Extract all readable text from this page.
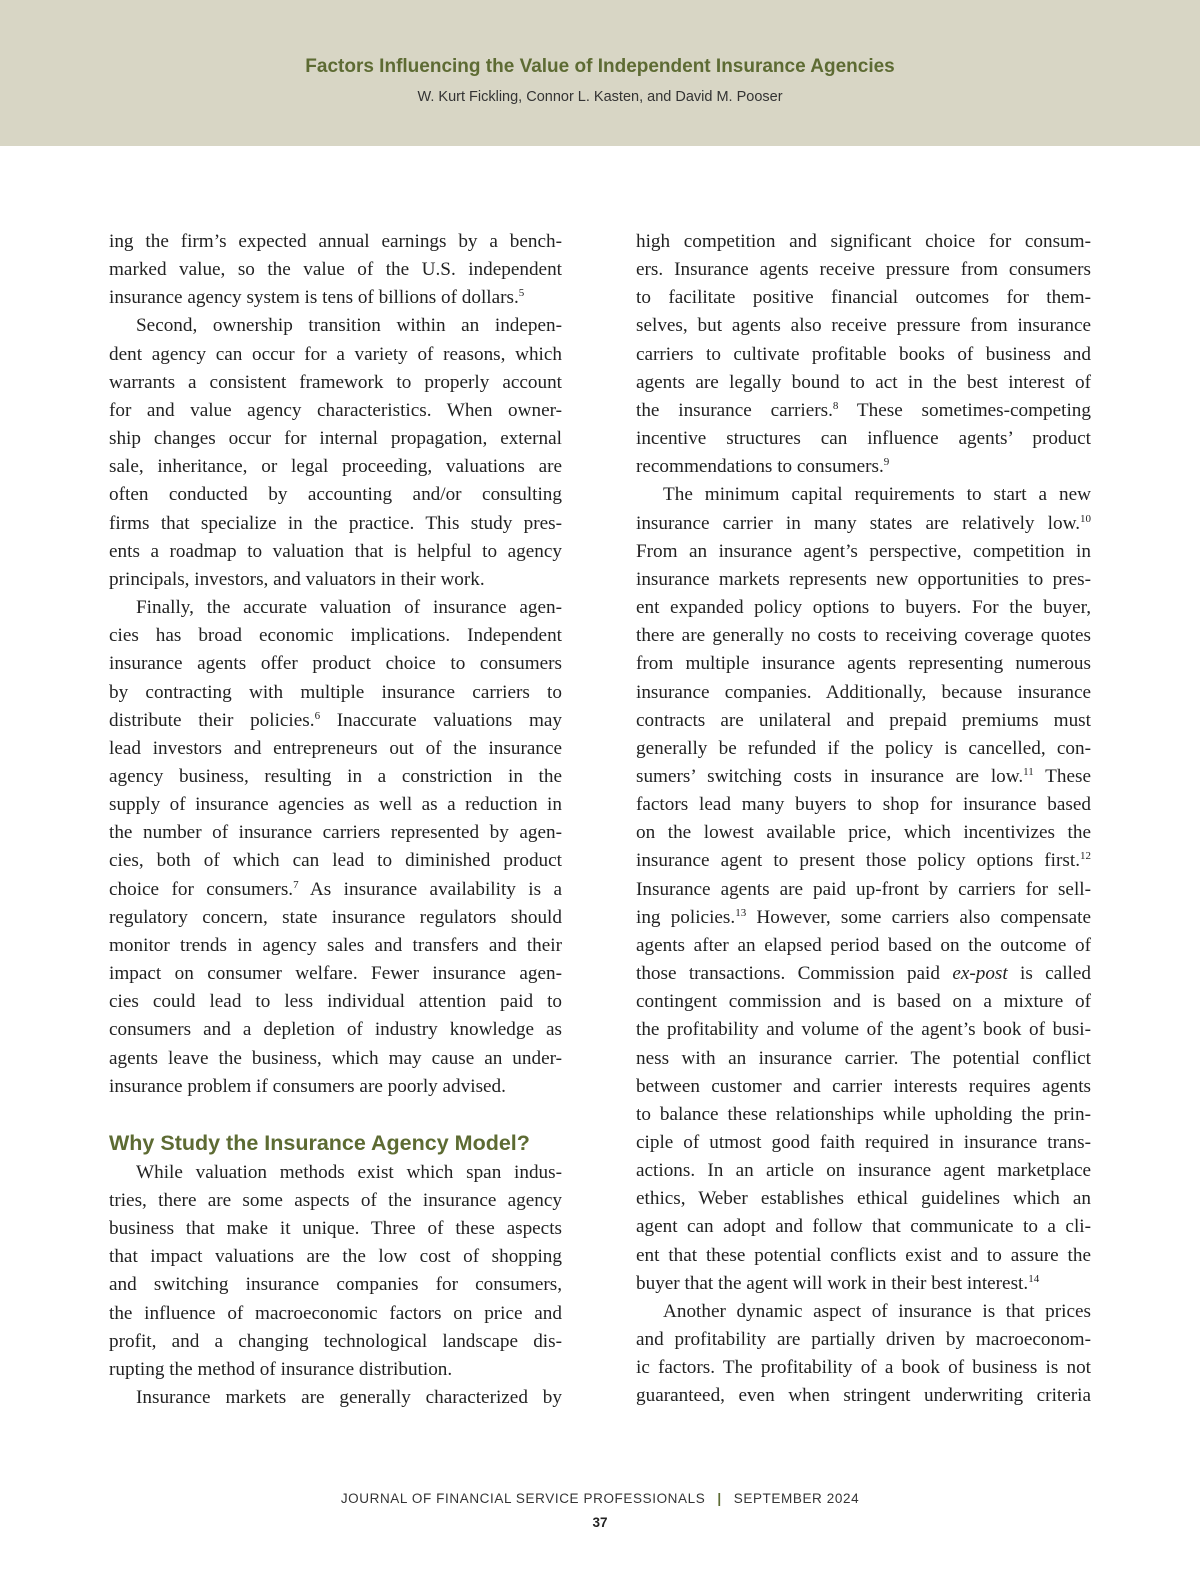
Factors Influencing the Value of Independent Insurance Agencies
W. Kurt Fickling, Connor L. Kasten, and David M. Pooser
ing the firm’s expected annual earnings by a bench-
marked value, so the value of the U.S. independent
insurance agency system is tens of billions of dollars.$^5$
Second, ownership transition within an indepen-
dent agency can occur for a variety of reasons, which
warrants a consistent framework to properly account
for and value agency characteristics. When owner-
ship changes occur for internal propagation, external
sale, inheritance, or legal proceeding, valuations are
often conducted by accounting and/or consulting
firms that specialize in the practice. This study pres-
ents a roadmap to valuation that is helpful to agency
principals, investors, and valuators in their work.
Finally, the accurate valuation of insurance agen-
cies has broad economic implications. Independent
insurance agents offer product choice to consumers
by contracting with multiple insurance carriers to
distribute their policies.$^6$ Inaccurate valuations may
lead investors and entrepreneurs out of the insurance
agency business, resulting in a constriction in the
supply of insurance agencies as well as a reduction in
the number of insurance carriers represented by agen-
cies, both of which can lead to diminished product
choice for consumers.$^7$ As insurance availability is a
regulatory concern, state insurance regulators should
monitor trends in agency sales and transfers and their
impact on consumer welfare. Fewer insurance agen-
cies could lead to less individual attention paid to
consumers and a depletion of industry knowledge as
agents leave the business, which may cause an under-
insurance problem if consumers are poorly advised.
Why Study the Insurance Agency Model?
While valuation methods exist which span indus-
tries, there are some aspects of the insurance agency
business that make it unique. Three of these aspects
that impact valuations are the low cost of shopping
and switching insurance companies for consumers,
the influence of macroeconomic factors on price and
profit, and a changing technological landscape dis-
rupting the method of insurance distribution.
Insurance markets are generally characterized by
high competition and significant choice for consum-
ers. Insurance agents receive pressure from consumers
to facilitate positive financial outcomes for them-
selves, but agents also receive pressure from insurance
carriers to cultivate profitable books of business and
agents are legally bound to act in the best interest of
the insurance carriers.$^8$ These sometimes-competing
incentive structures can influence agents’ product
recommendations to consumers.$^9$
The minimum capital requirements to start a new
insurance carrier in many states are relatively low.$^{10}$
From an insurance agent’s perspective, competition in
insurance markets represents new opportunities to pres-
ent expanded policy options to buyers. For the buyer,
there are generally no costs to receiving coverage quotes
from multiple insurance agents representing numerous
insurance companies. Additionally, because insurance
contracts are unilateral and prepaid premiums must
generally be refunded if the policy is cancelled, con-
sumers’ switching costs in insurance are low.$^{11}$ These
factors lead many buyers to shop for insurance based
on the lowest available price, which incentivizes the
insurance agent to present those policy options first.$^{12}$
Insurance agents are paid up-front by carriers for sell-
ing policies.$^{13}$ However, some carriers also compensate
agents after an elapsed period based on the outcome of
those transactions. Commission paid ex-post is called
contingent commission and is based on a mixture of
the profitability and volume of the agent’s book of busi-
ness with an insurance carrier. The potential conflict
between customer and carrier interests requires agents
to balance these relationships while upholding the prin-
ciple of utmost good faith required in insurance trans-
actions. In an article on insurance agent marketplace
ethics, Weber establishes ethical guidelines which an
agent can adopt and follow that communicate to a cli-
ent that these potential conflicts exist and to assure the
buyer that the agent will work in their best interest.$^{14}$
Another dynamic aspect of insurance is that prices
and profitability are partially driven by macroeconom-
ic factors. The profitability of a book of business is not
guaranteed, even when stringent underwriting criteria
JOURNAL OF FINANCIAL SERVICE PROFESSIONALS | SEPTEMBER 2024
37
